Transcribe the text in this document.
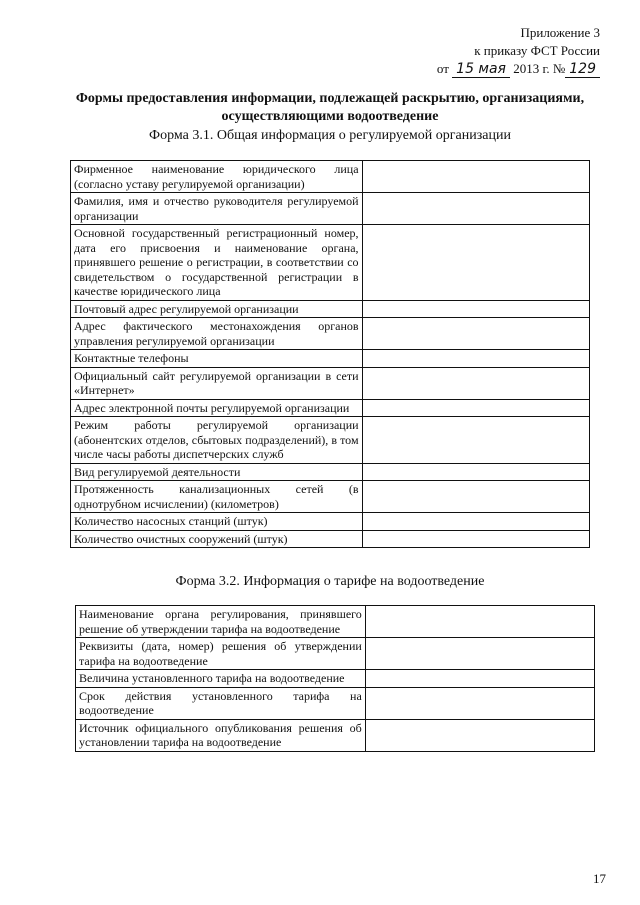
Приложение 3
к приказу ФСТ России
от 15 мая 2013 г. № 129
Формы предоставления информации, подлежащей раскрытию, организациями, осуществляющими водоотведение
Форма 3.1. Общая информация о регулируемой организации
Фирменное наименование юридического лица (согласно уставу регулируемой организации)	
Фамилия, имя и отчество руководителя регулируемой организации	
Основной государственный регистрационный номер, дата его присвоения и наименование органа, принявшего решение о регистрации, в соответствии со свидетельством о государственной регистрации в качестве юридического лица	
Почтовый адрес регулируемой организации	
Адрес фактического местонахождения органов управления регулируемой организации	
Контактные телефоны	
Официальный сайт регулируемой организации в сети «Интернет»	
Адрес электронной почты регулируемой организации	
Режим работы регулируемой организации (абонентских отделов, сбытовых подразделений), в том числе часы работы диспетчерских служб	
Вид регулируемой деятельности	
Протяженность канализационных сетей (в однотрубном исчислении) (километров)	
Количество насосных станций (штук)	
Количество очистных сооружений (штук)	
Форма 3.2. Информация о тарифе на водоотведение
Наименование органа регулирования, принявшего решение об утверждении тарифа на водоотведение	
Реквизиты (дата, номер) решения об утверждении тарифа на водоотведение	
Величина установленного тарифа на водоотведение	
Срок действия установленного тарифа на водоотведение	
Источник официального опубликования решения об установлении тарифа на водоотведение	
17
